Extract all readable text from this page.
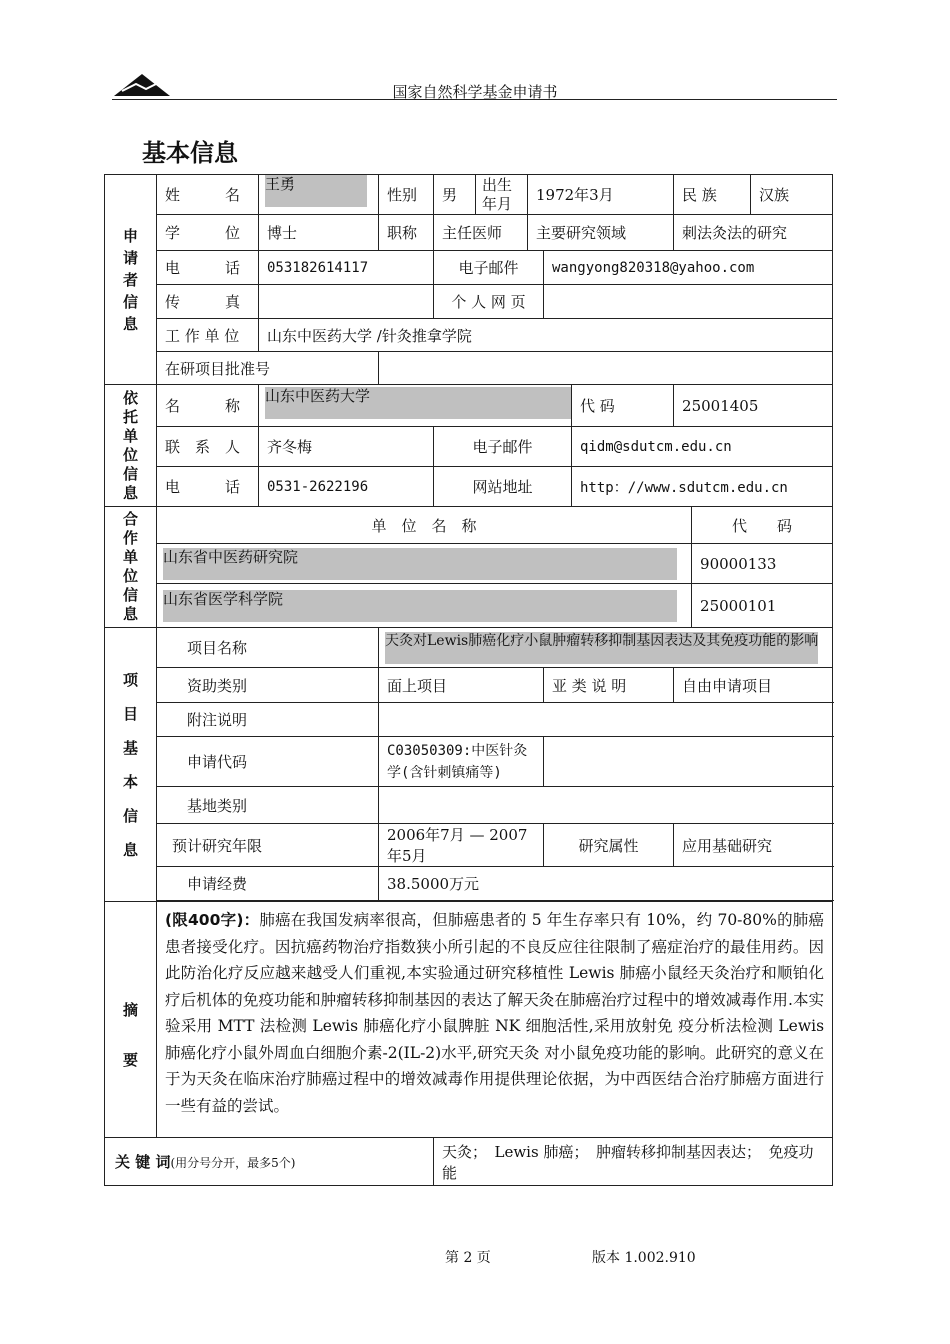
国家自然科学基金申请书
基本信息
申请者信息	姓　　　名	王勇	性别	男	出生年月	1972年3月			民 族		汉族
	学　　　位	博士	职称	主任医师		主要研究领域			刺法灸法的研究		
	电　　　话	053182614117		电子邮件			wangyong820318@yahoo.com				
	传　　　真			个 人 网 页							
	工 作 单 位	山东中医药大学 /针灸推拿学院									
	在研项目批准号										
依托单位信息	名　　　称	山东中医药大学						代 码	25001405		
	联　系　人	齐冬梅		电子邮件				qidm@sdutcm.edu.cn			
	电　　　话	0531-2622196		网站地址				http：//www.sdutcm.edu.cn			
合作单位信息	单　位　名　称									代　　码	

	山东省中医药研究院									90000133	

	山东省医学科学院									25000101	
项目基本信息	项目名称		天灸对Lewis肺癌化疗小鼠肿瘤转移抑制基因表达及其免疫功能的影响								

	资助类别		面上项目				亚 类 说 明		自由申请项目		
	附注说明										
	申请代码		C03050309:中医针灸学(含针刺镇痛等)								
	基地类别										
	预计研究年限		2006年7月 — 2007年5月				研究属性		应用基础研究		
	申请经费		38.5000万元								

摘要	(限400字)：肺癌在我国发病率很高，但肺癌患者的 5 年生存率只有 10%，约 70-80%的肺癌患者接受化疗。因抗癌药物治疗指数狭小所引起的不良反应往往限制了癌症治疗的最佳用药。因此防治化疗反应越来越受人们重视,本实验通过研究移植性 Lewis 肺癌小鼠经天灸治疗和顺铂化疗后机体的免疫功能和肿瘤转移抑制基因的表达了解天灸在肺癌治疗过程中的增效减毒作用.本实验采用 MTT 法检测 Lewis 肺癌化疗小鼠脾脏 NK 细胞活性,采用放射免 疫分析法检测 Lewis 肺癌化疗小鼠外周血白细胞介素-2(IL-2)水平,研究天灸 对小鼠免疫功能的影响。此研究的意义在于为天灸在临床治疗肺癌过程中的增效减毒作用提供理论依据，为中西医结合治疗肺癌方面进行一些有益的尝试。										
关 键 词(用分号分开，最多5个)				天灸；　Lewis 肺癌；　肿瘤转移抑制基因表达；　免疫功能							
第 2 页	版本 1.002.910
